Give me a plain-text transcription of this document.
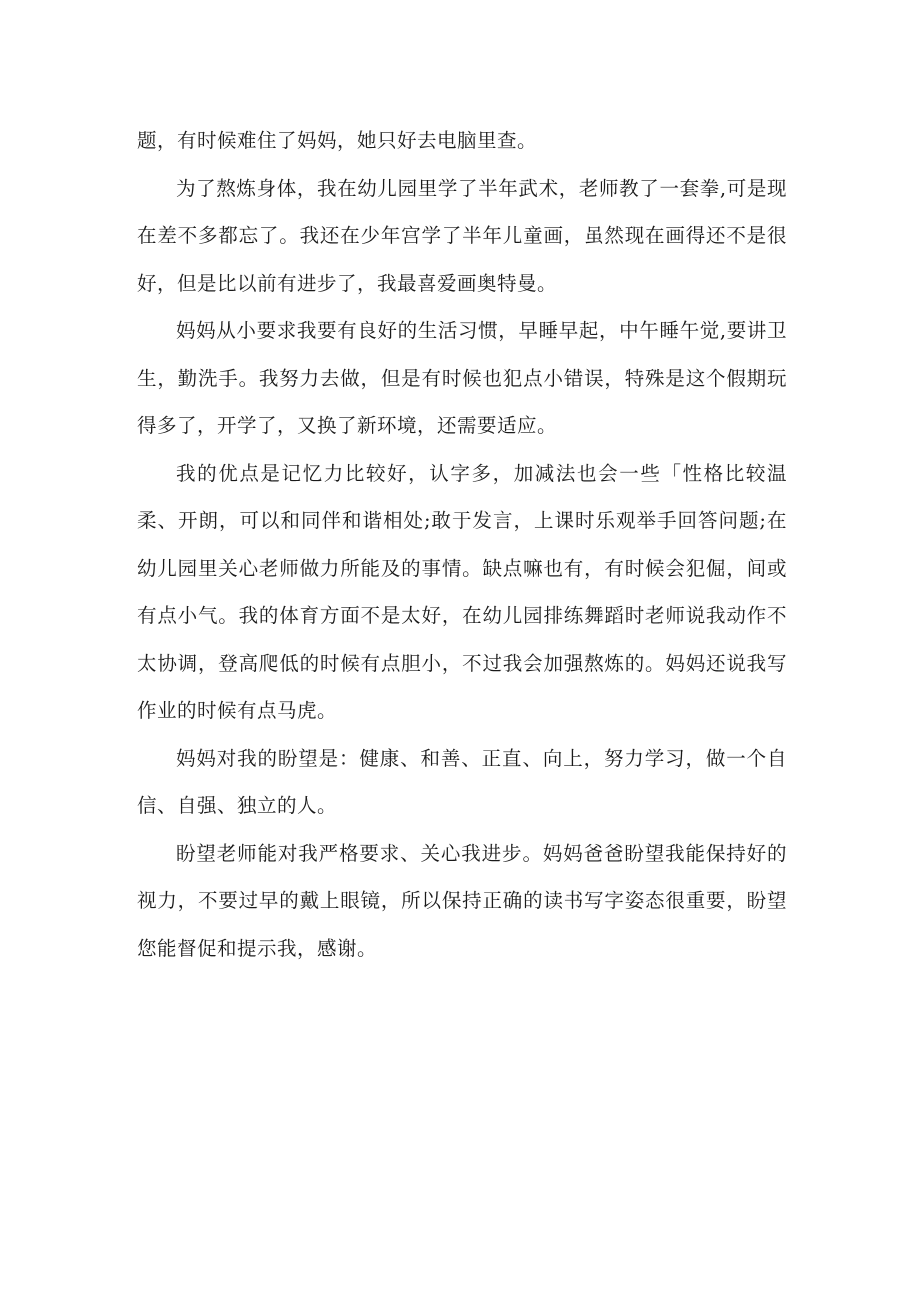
题，有时候难住了妈妈，她只好去电脑里查。

为了熬炼身体，我在幼儿园里学了半年武术，老师教了一套拳,可是现在差不多都忘了。我还在少年宫学了半年儿童画，虽然现在画得还不是很好，但是比以前有进步了，我最喜爱画奥特曼。

妈妈从小要求我要有良好的生活习惯，早睡早起，中午睡午觉,要讲卫生，勤洗手。我努力去做，但是有时候也犯点小错误，特殊是这个假期玩得多了，开学了，又换了新环境，还需要适应。

我的优点是记忆力比较好，认字多，加减法也会一些「性格比较温柔、开朗，可以和同伴和谐相处;敢于发言，上课时乐观举手回答问题;在幼儿园里关心老师做力所能及的事情。缺点嘛也有，有时候会犯倔，间或有点小气。我的体育方面不是太好，在幼儿园排练舞蹈时老师说我动作不太协调，登高爬低的时候有点胆小，不过我会加强熬炼的。妈妈还说我写作业的时候有点马虎。

妈妈对我的盼望是：健康、和善、正直、向上，努力学习，做一个自信、自强、独立的人。

盼望老师能对我严格要求、关心我进步。妈妈爸爸盼望我能保持好的视力，不要过早的戴上眼镜，所以保持正确的读书写字姿态很重要，盼望您能督促和提示我，感谢。
